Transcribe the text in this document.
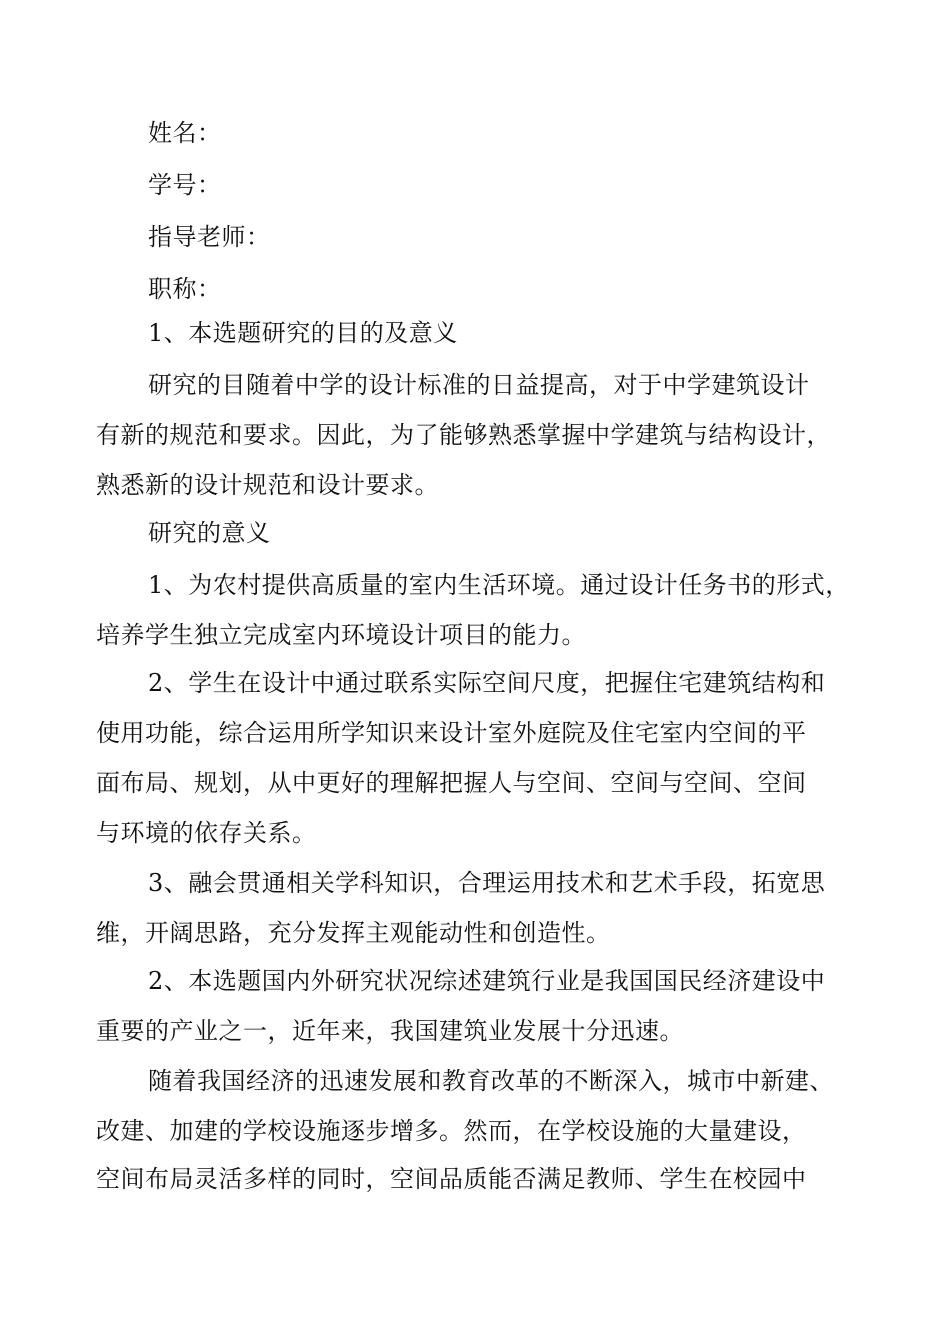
姓名：
学号：
指导老师：
职称：
1、本选题研究的目的及意义
研究的目随着中学的设计标准的日益提高，对于中学建筑设计
有新的规范和要求。因此，为了能够熟悉掌握中学建筑与结构设计，
熟悉新的设计规范和设计要求。
研究的意义
1、为农村提供高质量的室内生活环境。通过设计任务书的形式，
培养学生独立完成室内环境设计项目的能力。
2、学生在设计中通过联系实际空间尺度，把握住宅建筑结构和
使用功能，综合运用所学知识来设计室外庭院及住宅室内空间的平
面布局、规划，从中更好的理解把握人与空间、空间与空间、空间
与环境的依存关系。
3、融会贯通相关学科知识，合理运用技术和艺术手段，拓宽思
维，开阔思路，充分发挥主观能动性和创造性。
2、本选题国内外研究状况综述建筑行业是我国国民经济建设中
重要的产业之一，近年来，我国建筑业发展十分迅速。
随着我国经济的迅速发展和教育改革的不断深入，城市中新建、
改建、加建的学校设施逐步增多。然而，在学校设施的大量建设，
空间布局灵活多样的同时，空间品质能否满足教师、学生在校园中
